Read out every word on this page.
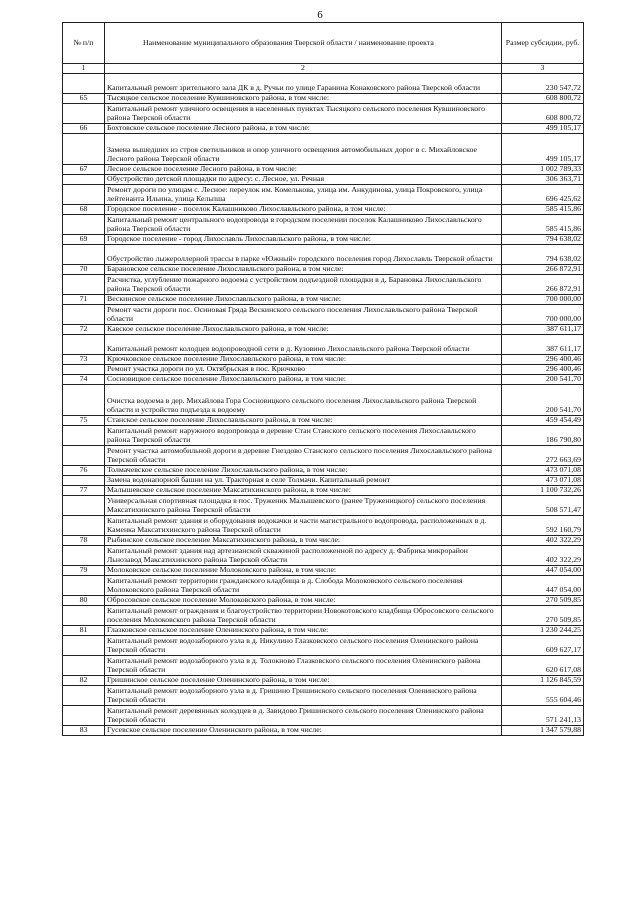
6
№ п/п	Наименование муниципального образования Тверской области / наименование проекта	Размер субсидии, руб.
1	2	3
	Капитальный ремонт зрительного зала ДК в д. Ручьи по улице Гаранина Конаковского района Тверской области	230 547,72
65	Тысяцкое сельское поселение Кувшиновского района, в том числе:	608 800,72
	Капитальный ремонт уличного освещения в населенных пунктах Тысяцкого сельского поселения Кувшиновского района Тверской области	608 800,72
66	Бохтовское сельское поселение Лесного района, в том числе:	499 105,17
	Замена вышедших из строя светильников и опор уличного освещения автомобильных дорог в с. Михайловское Лесного района Тверской области	499 105,17
67	Лесное сельское поселение Лесного района, в том числе:	1 002 789,33
	Обустройство детской площадки по адресу: с. Лесное, ул. Речная	306 363,71
	Ремонт дороги по улицам с. Лесное: переулок им. Комелькова, улица им. Анкудинова, улица Покровского, улица лейтенанта Ильина, улица Кельпша	696 425,62
68	Городское поселение - поселок Калашниково Лихославльского района, в том числе:	585 415,86
	Капитальный ремонт центрального водопровода в городском поселении поселок Калашниково Лихославльского района Тверской области	585 415,86
69	Городское поселение - город Лихославль Лихославльского района, в том числе:	794 638,02
	Обустройство лыжероллерной трассы в парке «Южный» городского поселения город Лихославль Тверской области	794 638,02
70	Барановское сельское поселение Лихославльского района, в том числе:	266 872,91
	Расчистка, углубление пожарного водоема с устройством подъездной площадки в д. Барановка Лихославльского района Тверской области	266 872,91
71	Вескинское сельское поселение Лихославльского района, в том числе:	700 000,00
	Ремонт части дороги пос. Осиновая Гряда Вескинского сельского поселения Лихославльского района Тверской области	700 000,00
72	Кавское сельское поселение Лихославльского района, в том числе:	387 611,17
	Капитальный ремонт колодцев водопроводной сети в д. Кузовино Лихославльского района Тверской области	387 611,17
73	Крючковское сельское поселение Лихославльского района, в том числе:	296 400,46
	Ремонт участка дороги по ул. Октябрьская в пос. Крючково	296 400,46
74	Сосновицкое сельское поселение Лихославльского района, в том числе:	200 541,70
	Очистка водоема в дер. Михайлова Гора Сосновицкого сельского поселения Лихославльского района Тверской области и устройство подъезда к водоему	200 541,70
75	Станское сельское поселение Лихославльского района, в том числе:	459 454,49
	Капитальный ремонт наружного водопровода в деревне Стан Станского сельского поселения Лихославльского района Тверской области	186 790,80
	Ремонт участка автомобильной дороги в деревне Гнездово Станского сельского поселения Лихославльского района Тверской области	272 663,69
76	Толмачевское сельское поселение Лихославльского района, в том числе:	473 071,08
	Замена водонапорной башни на ул. Тракторная в селе Толмачи. Капитальный ремонт	473 071,08
77	Малышевское сельское поселение Максатихинского района, в том числе:	1 100 732,26
	Универсальная спортивная площадка в пос. Труженик Малышевского (ранее Труженицкого) сельского поселения Максатихинского района Тверской области	508 571,47
	Капитальный ремонт здания и оборудования водокачки и части магистрального водопровода, расположенных в д. Каменка Максатихинского района Тверской области	592 160,79
78	Рыбинское сельское поселение Максатихинского района, в том числе:	402 322,29
	Капитальный ремонт здания над артезианской скважиной расположенной по адресу д. Фабрика микрорайон Льнозавод Максатихинского района Тверской области	402 322,29
79	Молоковское сельское поселение Молоковского района, в том числе:	447 054,00
	Капитальный ремонт территории гражданского кладбища в д. Слобода Молоковского сельского поселения Молоковского района Тверской области	447 054,00
80	Обросовское сельское поселение Молоковского района, в том числе:	270 509,85
	Капитальный ремонт ограждения и благоустройство территории Новокотовского кладбища Обросовского сельского поселения Молоковского района Тверской области	270 509,85
81	Глазковское сельское поселение Оленинского района, в том числе:	1 230 244,25
	Капитальный ремонт водозаборного узла в д. Никулино Глазковского сельского поселения Оленинского района Тверской области	609 627,17
	Капитальный ремонт водозаборного узла в д. Толокново Глазковского сельского поселения Оленинского района Тверской области	620 617,08
82	Гришинское сельское поселение Оленинского района, в том числе:	1 126 845,59
	Капитальный ремонт водозаборного узла в д. Гришино Гришинского сельского поселения Оленинского района Тверской области	555 604,46
	Капитальный ремонт деревянных колодцев в д. Завидово Гришинского сельского поселения Оленинского района Тверской области	571 241,13
83	Гусевское сельское поселение Оленинского района, в том числе:	1 347 579,88
